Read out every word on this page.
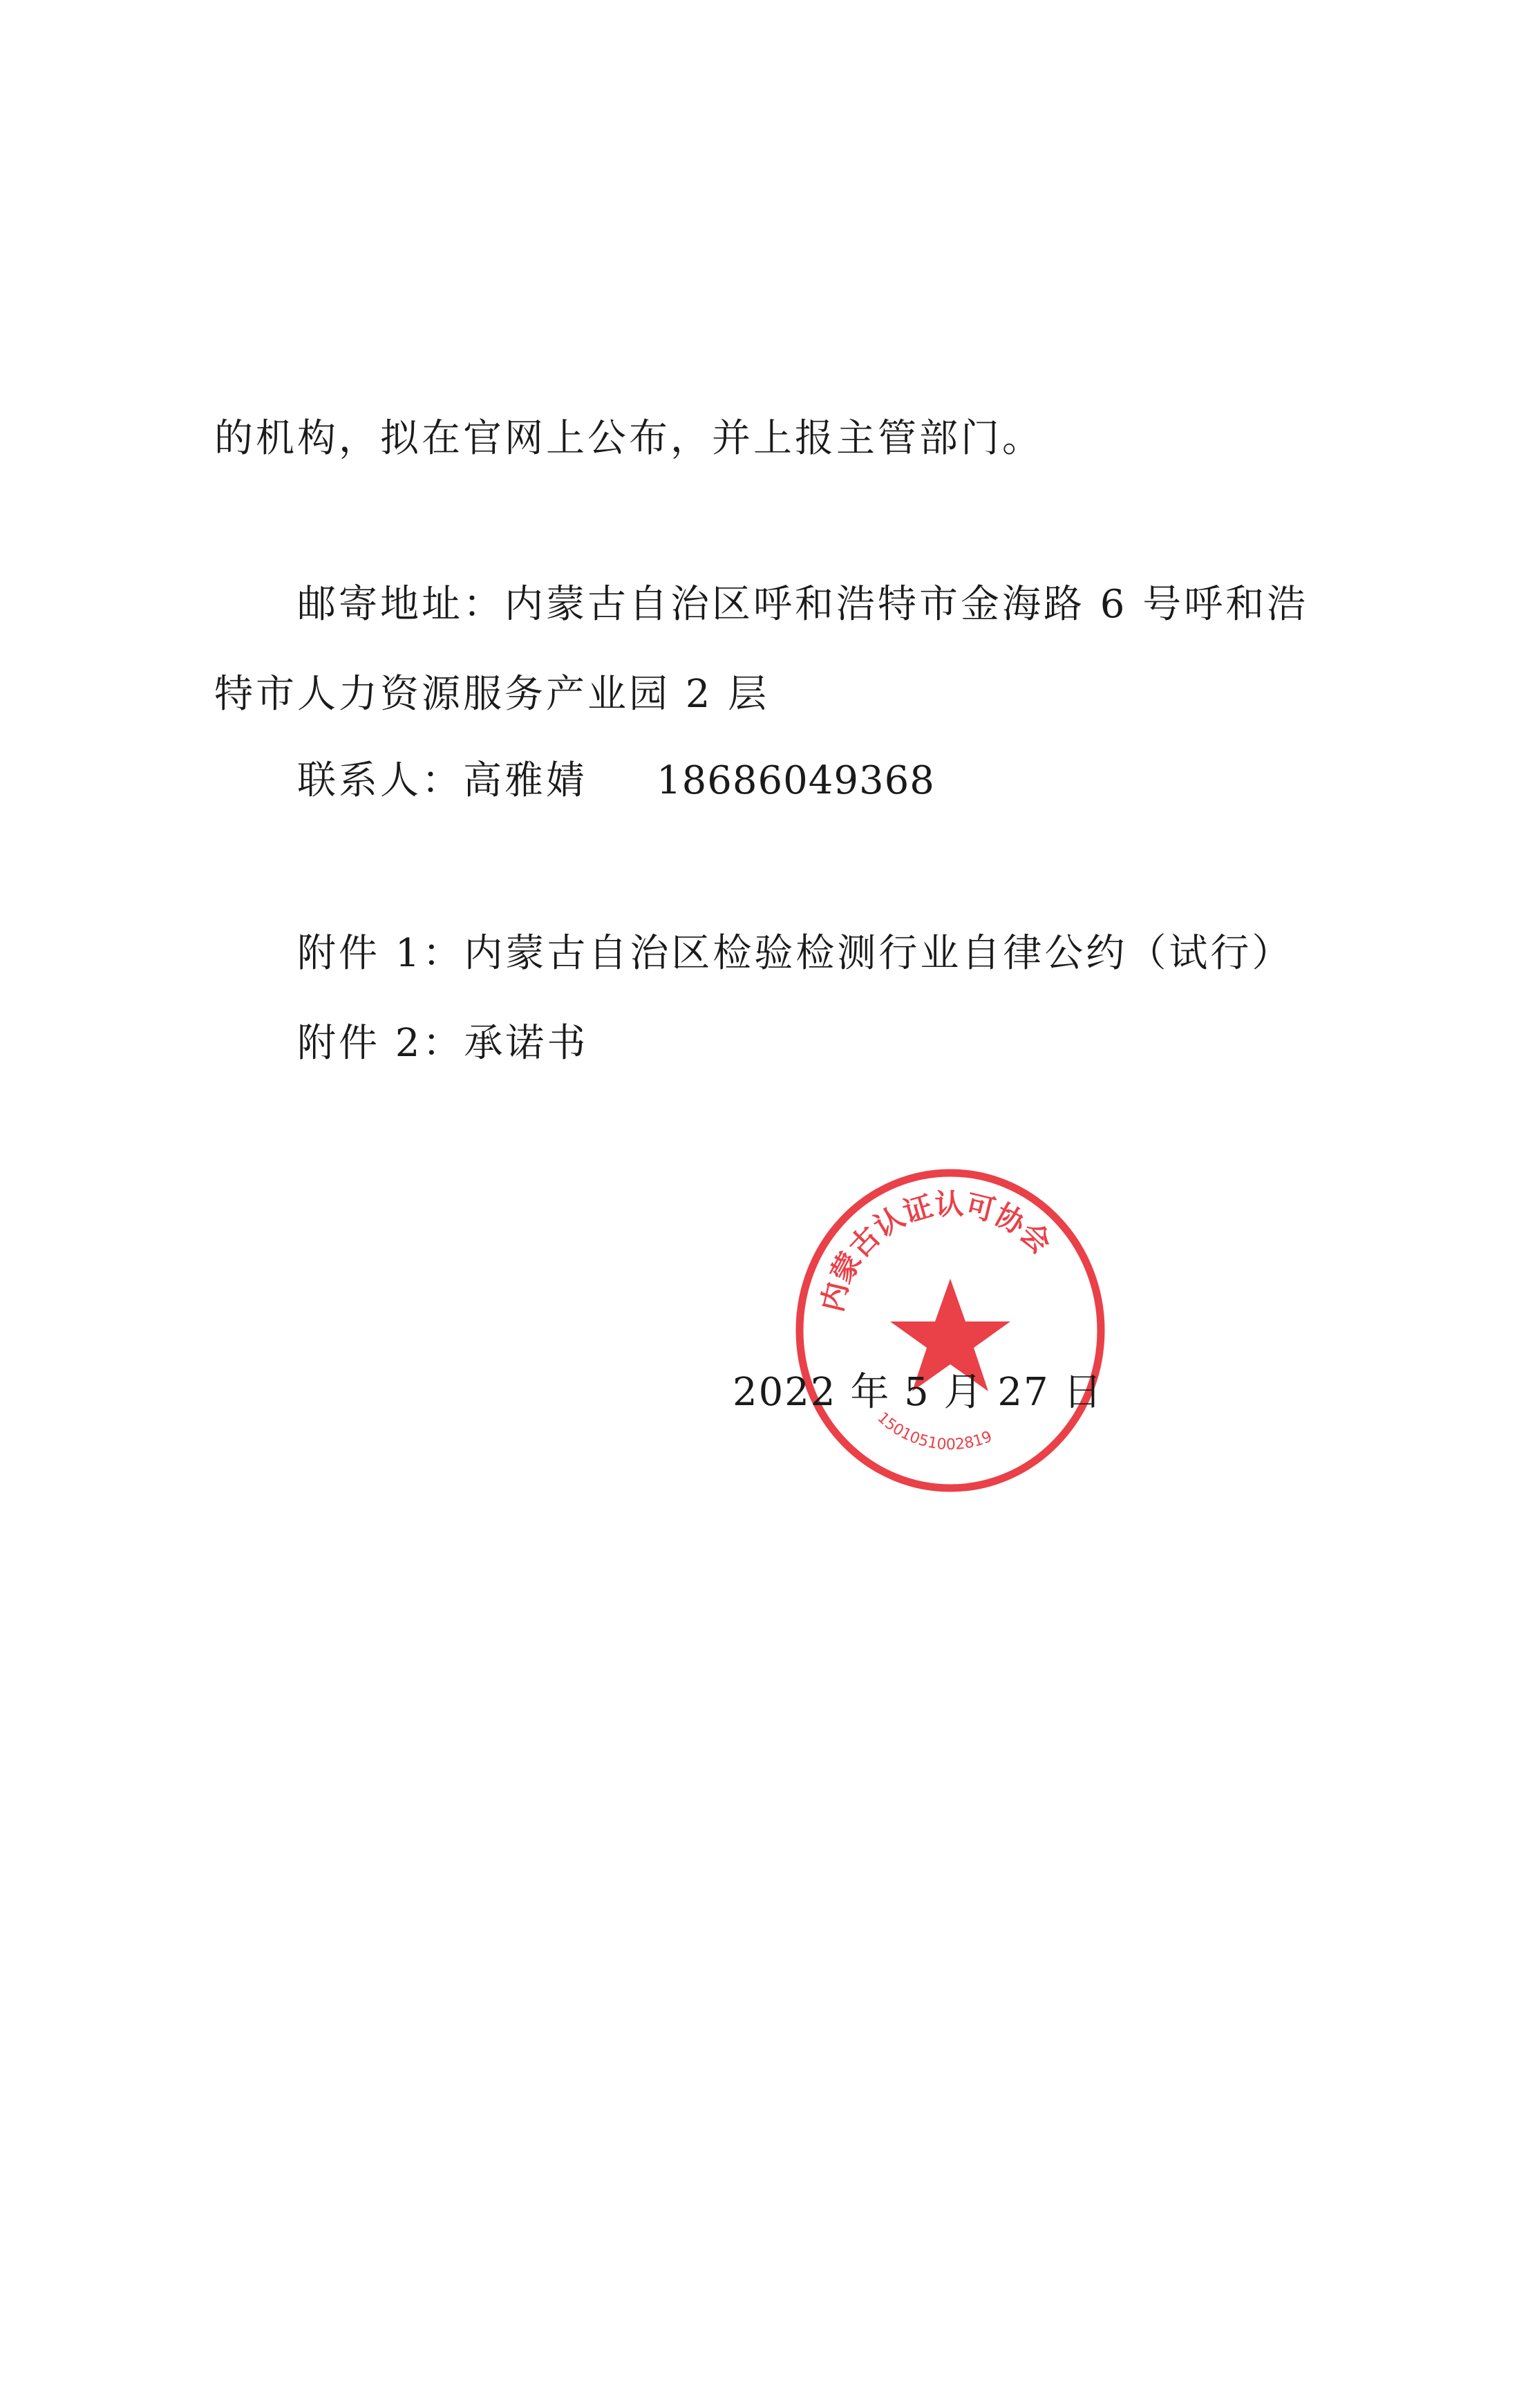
的机构，拟在官网上公布，并上报主管部门。
邮寄地址：内蒙古自治区呼和浩特市金海路 6 号呼和浩
特市人力资源服务产业园 2 层
联系人：高雅婧 18686049368
附件 1：内蒙古自治区检验检测行业自律公约（试行）
附件 2：承诺书
2022 年 5 月 27 日
内蒙古认证认可协会
1501051002819
